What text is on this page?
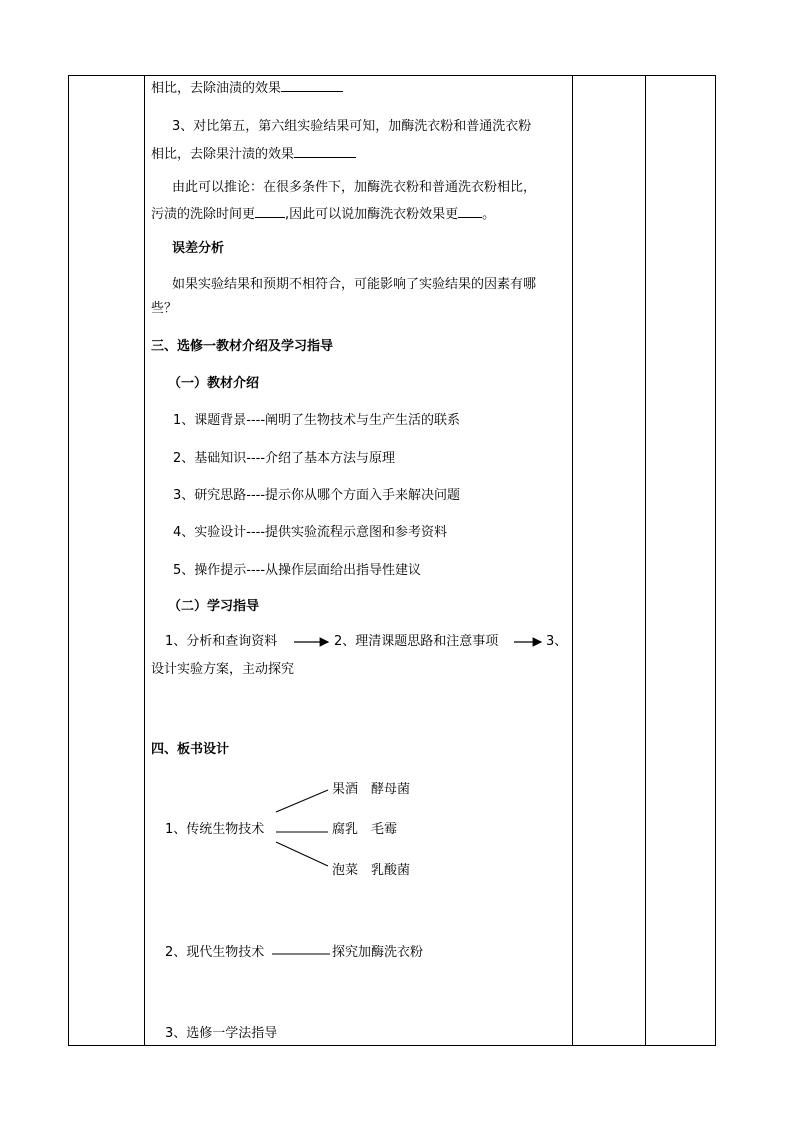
相比，去除油渍的效果
3、对比第五，第六组实验结果可知，加酶洗衣粉和普通洗衣粉
相比，去除果汁渍的效果
由此可以推论：在很多条件下，加酶洗衣粉和普通洗衣粉相比，
污渍的洗除时间更 ,因此可以说加酶洗衣粉效果更 。
误差分析
如果实验结果和预期不相符合，可能影响了实验结果的因素有哪
些？
三、选修一教材介绍及学习指导
（一）教材介绍
1、课题背景----阐明了生物技术与生产生活的联系
2、基础知识----介绍了基本方法与原理
3、研究思路----提示你从哪个方面入手来解决问题
4、实验设计----提供实验流程示意图和参考资料
5、操作提示----从操作层面给出指导性建议
（二）学习指导
1、分析和查询资料	2、理清课题思路和注意事项	3、
设计实验方案，主动探究
四、板书设计
果酒　酵母菌
1、传统生物技术	腐乳　毛霉
泡菜　乳酸菌
2、现代生物技术	探究加酶洗衣粉
3、选修一学法指导
